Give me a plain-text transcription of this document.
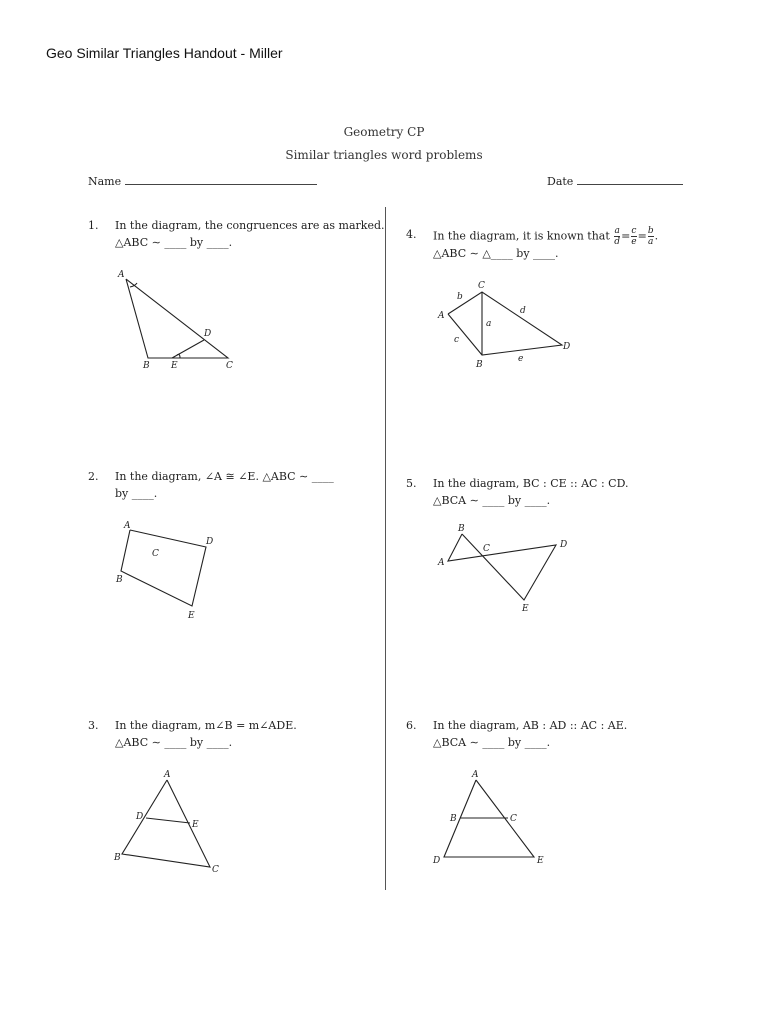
Geo Similar Triangles Handout - Miller
Geometry CP
Similar triangles word problems
Name	Date
1. In the diagram, the congruences are as marked.
△ABC ∼ ____ by ____.
A
B E	C
D
2. In the diagram, ∠A ≅ ∠E. △ABC ∼ ____
by ____.
A
B
C
D
E
3. In the diagram, m∠B = m∠ADE.
△ABC ∼ ____ by ____.
A
D
E
B
C
4. In the diagram, it is known that $\frac{a}{d} = \frac{c}{e} = \frac{b}{a}$ .
△ABC ∼ △____ by ____.
C
A
B
D
a
b
c
d
e
5. In the diagram, BC : CE :: AC : CD.
△BCA ∼ ____ by ____.
B
A
C	D
E
6. In the diagram, AB : AD :: AC : AE.
△BCA ∼ ____ by ____.
A
B	C
D	E
